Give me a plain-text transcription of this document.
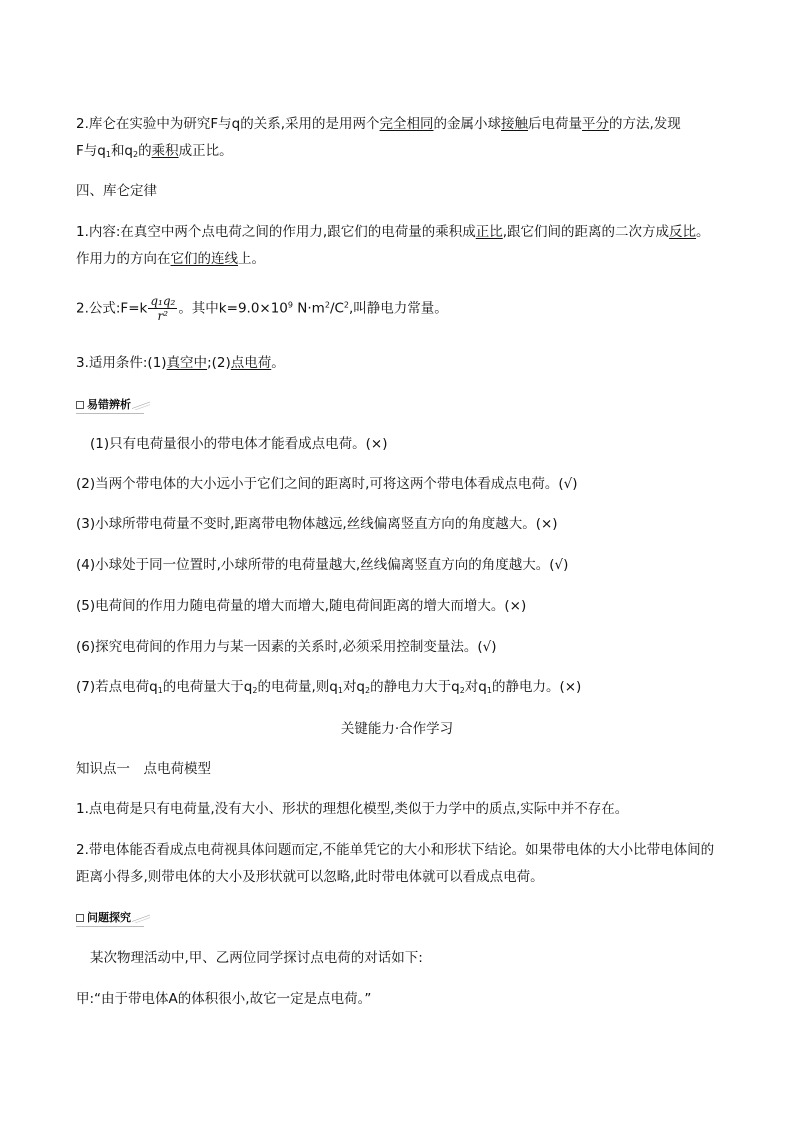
2.库仑在实验中为研究F与q的关系,采用的是用两个完全相同的金属小球接触后电荷量平分的方法,发现
F与$q_1$和$q_2$的乘积成正比。
四、库仑定律
1.内容:在真空中两个点电荷之间的作用力,跟它们的电荷量的乘积成正比,跟它们间的距离的二次方成反比。作用力的方向在它们的连线上。
2.公式:F=k $\frac{\text{q₁q₂}}{\text{r²}}$ 。其中$k=9.0\times 10^9$ $N\cdot m^2/C^2$,叫静电力常量。
3.适用条件:(1)真空中;(2)点电荷。
易错辨析
(1)只有电荷量很小的带电体才能看成点电荷。(×)
(2)当两个带电体的大小远小于它们之间的距离时,可将这两个带电体看成点电荷。(√)
(3)小球所带电荷量不变时,距离带电物体越远,丝线偏离竖直方向的角度越大。(×)
(4)小球处于同一位置时,小球所带的电荷量越大,丝线偏离竖直方向的角度越大。(√)
(5)电荷间的作用力随电荷量的增大而增大,随电荷间距离的增大而增大。(×)
(6)探究电荷间的作用力与某一因素的关系时,必须采用控制变量法。(√)
(7)若点电荷$q_1$的电荷量大于$q_2$的电荷量,则$q_1$对$q_2$的静电力大于$q_2$对$q_1$的静电力。(×)
关键能力·合作学习
知识点一　点电荷模型
1.点电荷是只有电荷量,没有大小、形状的理想化模型,类似于力学中的质点,实际中并不存在。
2.带电体能否看成点电荷视具体问题而定,不能单凭它的大小和形状下结论。如果带电体的大小比带电体间的距离小得多,则带电体的大小及形状就可以忽略,此时带电体就可以看成点电荷。
问题探究
某次物理活动中,甲、乙两位同学探讨点电荷的对话如下:
甲:“由于带电体A的体积很小,故它一定是点电荷。”
